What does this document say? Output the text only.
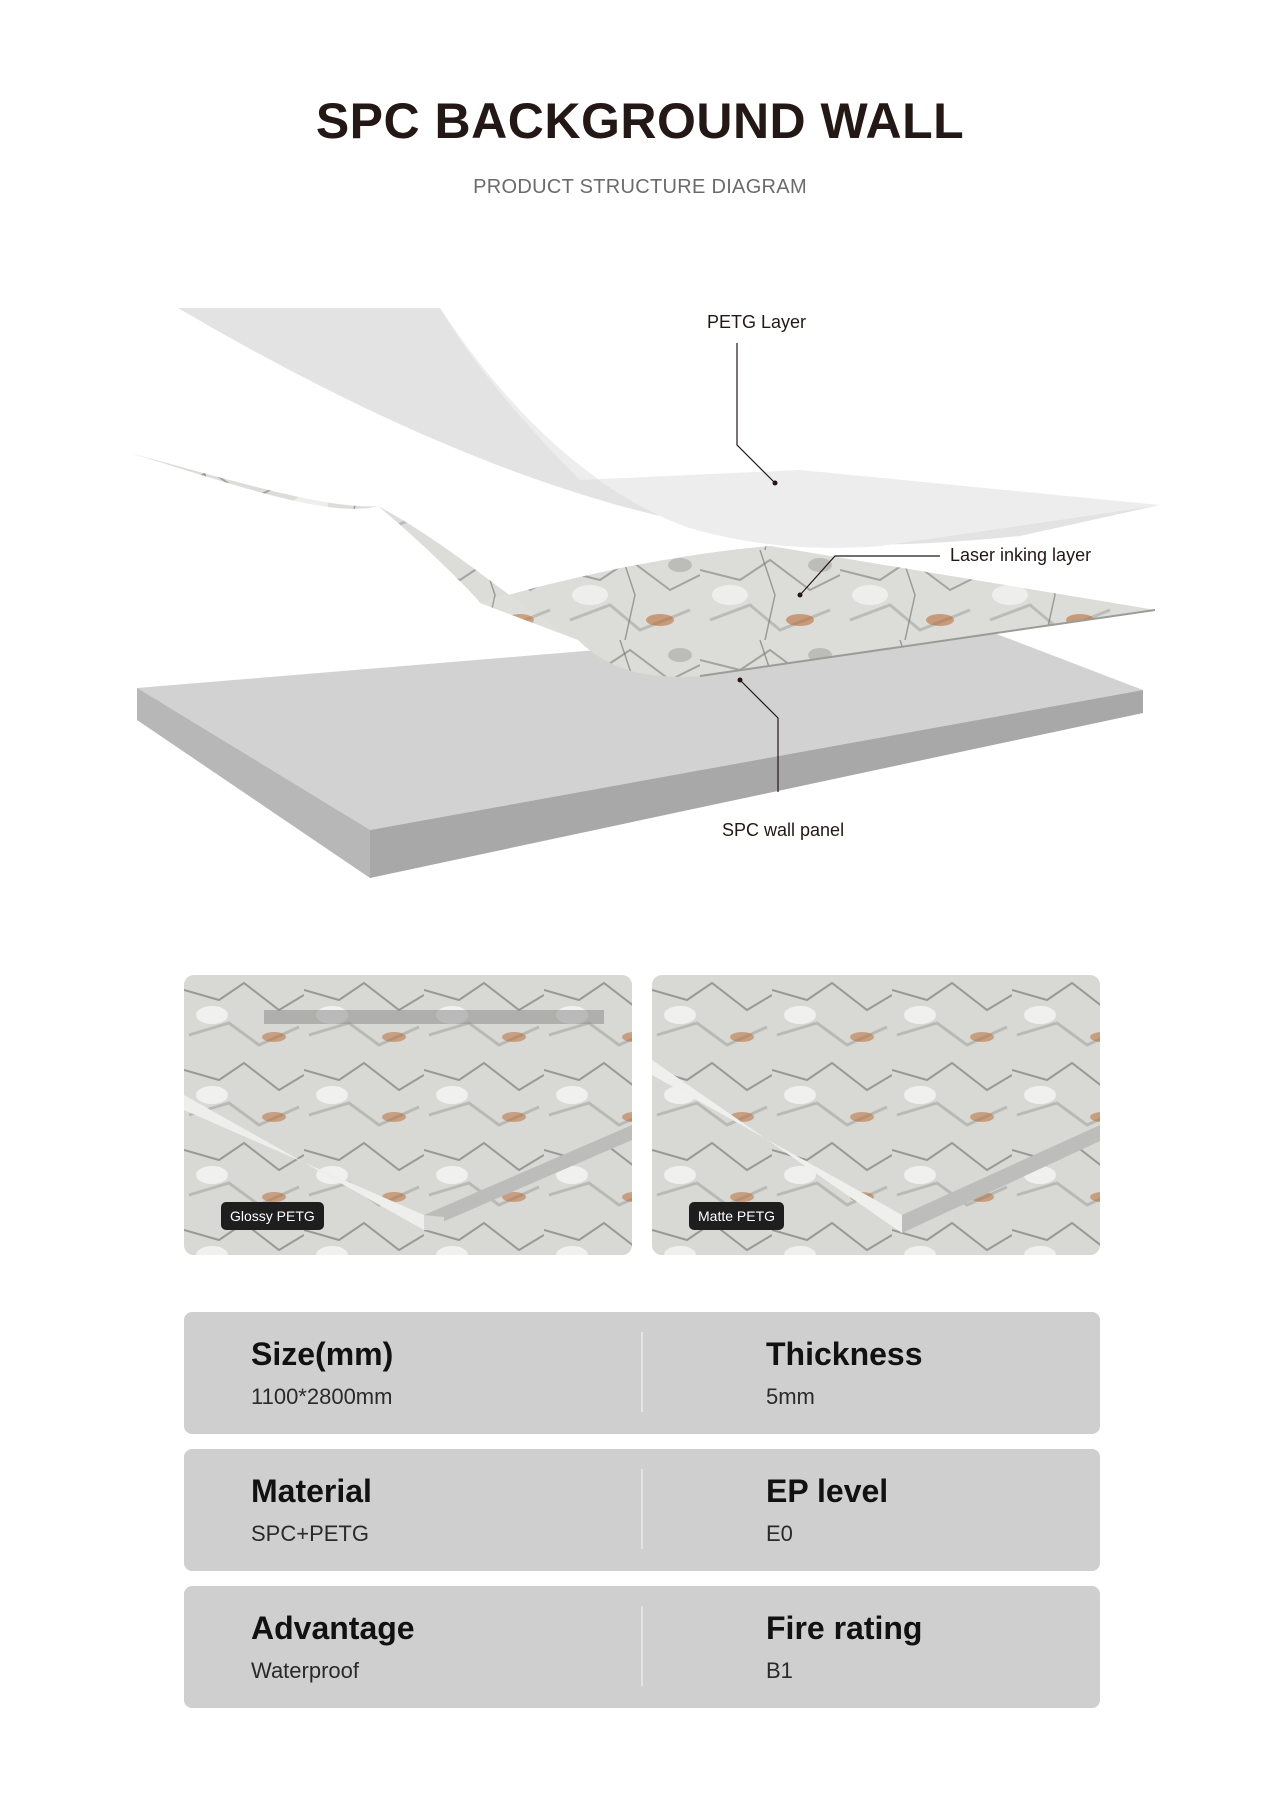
SPC BACKGROUND WALL
PRODUCT STRUCTURE DIAGRAM
PETG Layer
Laser inking layer
SPC wall panel
Glossy PETG	Matte PETG
Size(mm)
1100*2800mm
Thickness
5mm
Material
SPC+PETG
EP level
E0
Advantage
Waterproof
Fire rating
B1
